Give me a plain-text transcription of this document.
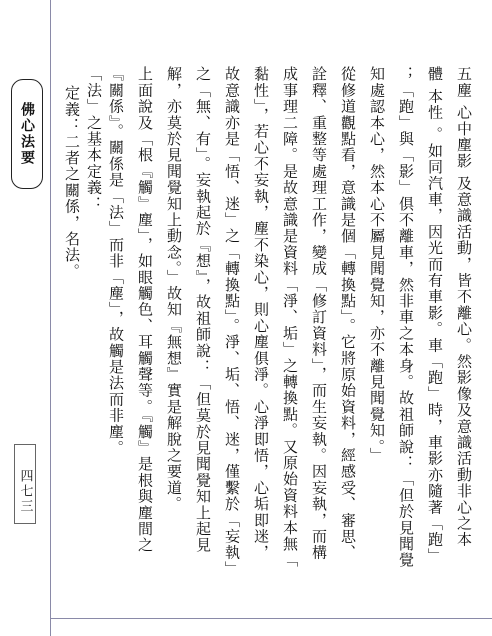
佛心法要
四七三	五塵 心中塵影 及意識活動，皆不離心。然影像及意識活動非心之本
體 本性 。如同汽車，因光而有車影。車「跑」時，車影亦隨著「跑」
；「跑」與「影」俱不離車，然非車之本身。故祖師說：「但於見聞覺
知處認本心，然本心不屬見聞覺知，亦不離見聞覺知。」
從修道觀點看，意識是個「轉換點」。它將原始資料，經感受、審思、
詮釋、重整等處理工作，變成「修訂資料」，而生妄執。因妄執，而構
成事理二障。是故意識是資料「淨、垢」之轉換點。又原始資料本無「
黏性」，若心不妄執，塵不染心，則心塵俱淨。心淨即悟，心垢即迷，
故意識亦是「悟、迷」之「轉換點」。淨、垢、悟、迷，僅繫於「妄執」
之「無、有」。妄執起於『想』，故祖師說：「但莫於見聞覺知上起見
解，亦莫於見聞覺知上動念。」故知『無想』實是解脫之要道。
上面說及「根『觸』塵」，如眼觸色、耳觸聲等。『觸』是根與塵間之
『關係』。關係是「法」而非「塵」，故觸是法而非塵。
「法」之基本定義：
定義：二者之關係，名法。
